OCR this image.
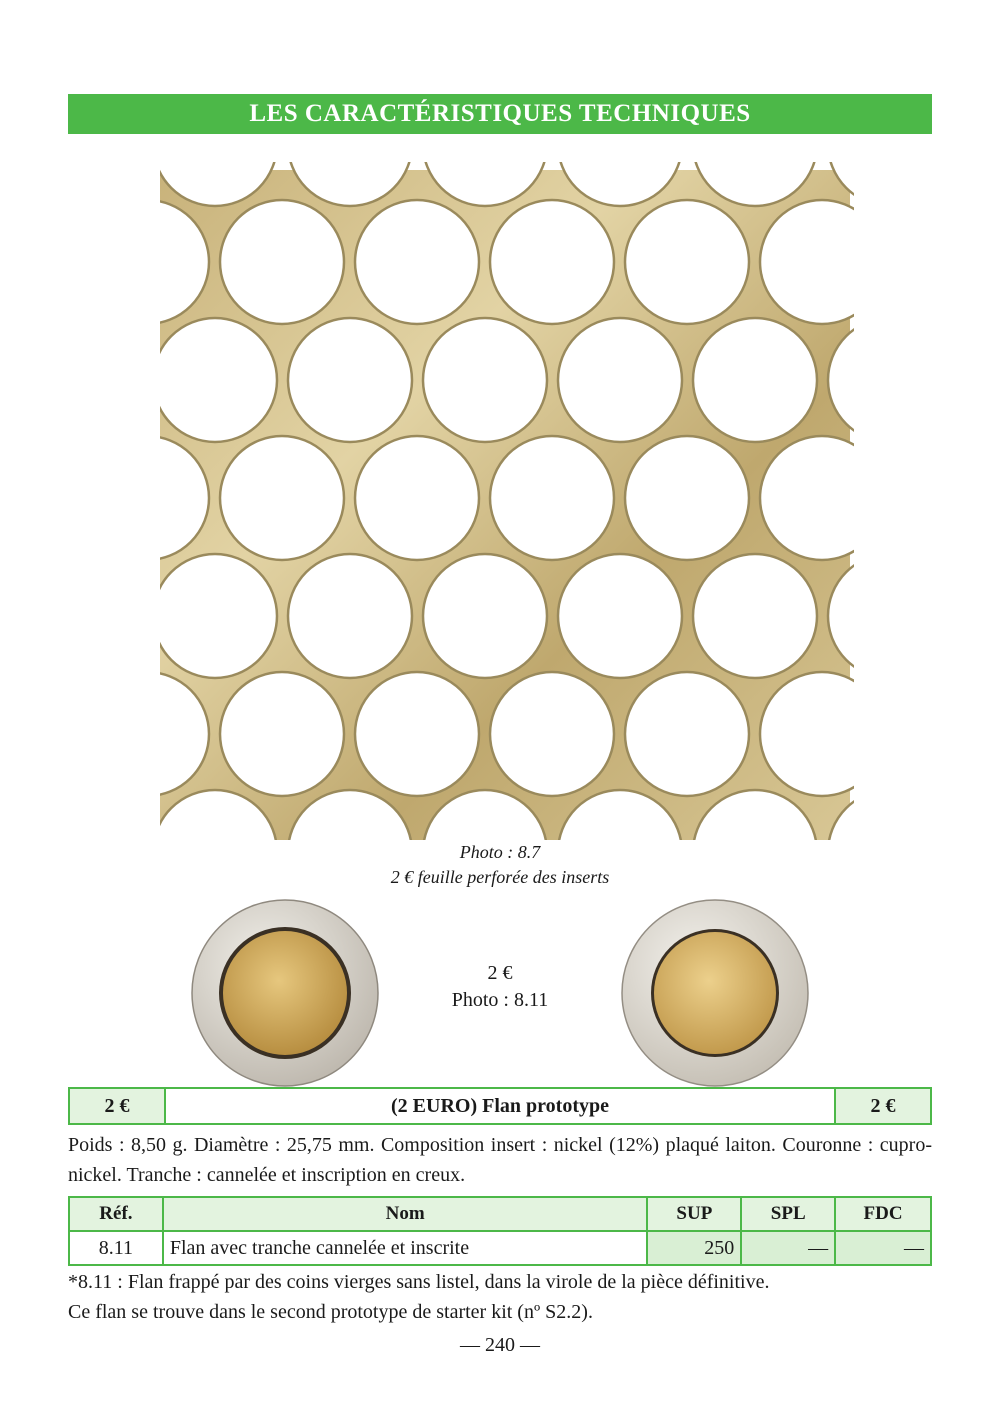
LES CARACTÉRISTIQUES TECHNIQUES
Photo : 8.7
2 € feuille perforée des inserts
2 €
Photo : 8.11
2 €	(2 EURO) Flan prototype	2 €
Poids : 8,50 g. Diamètre : 25,75 mm. Composition insert : nickel (12%) plaqué laiton. Couronne : cupro-nickel. Tranche : cannelée et inscription en creux.
Réf.	Nom	SUP	SPL	FDC
8.11	Flan avec tranche cannelée et inscrite	250	—	—
*8.11 : Flan frappé par des coins vierges sans listel, dans la virole de la pièce définitive.
Ce flan se trouve dans le second prototype de starter kit (nº S2.2).
— 240 —
